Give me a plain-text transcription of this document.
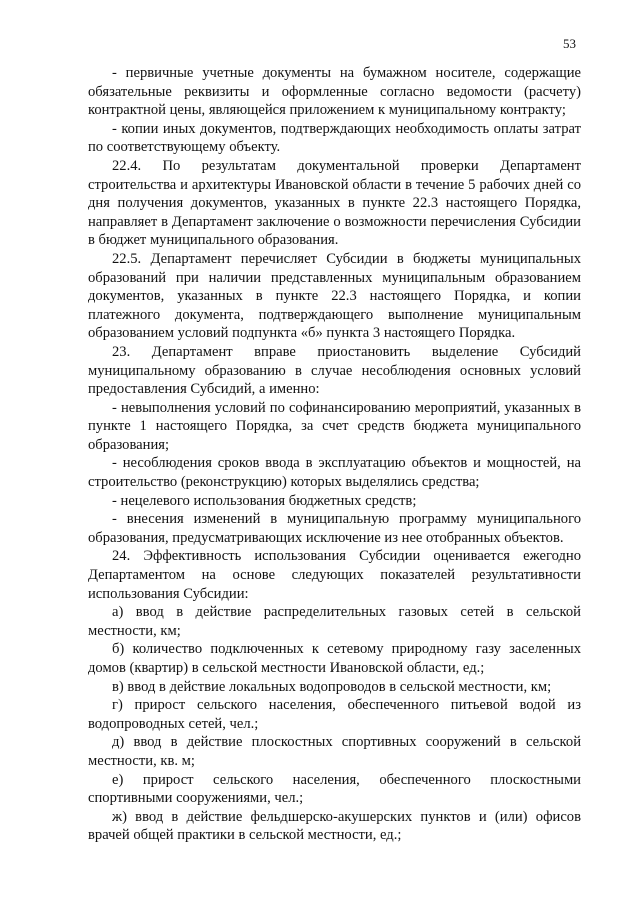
53

- первичные учетные документы на бумажном носителе, содержащие обязательные реквизиты и оформленные согласно ведомости (расчету) контрактной цены, являющейся приложением к муниципальному контракту;

- копии иных документов, подтверждающих необходимость оплаты затрат по соответствующему объекту.

22.4. По результатам документальной проверки Департамент строительства и архитектуры Ивановской области в течение 5 рабочих дней со дня получения документов, указанных в пункте 22.3 настоящего Порядка, направляет в Департамент заключение о возможности перечисления Субсидии в бюджет муниципального образования.

22.5. Департамент перечисляет Субсидии в бюджеты муниципальных образований при наличии представленных муниципальным образованием документов, указанных в пункте 22.3 настоящего Порядка, и копии платежного документа, подтверждающего выполнение муниципальным образованием условий подпункта «б» пункта 3 настоящего Порядка.

23. Департамент вправе приостановить выделение Субсидий муниципальному образованию в случае несоблюдения основных условий предоставления Субсидий, а именно:

- невыполнения условий по софинансированию мероприятий, указанных в пункте 1 настоящего Порядка, за счет средств бюджета муниципального образования;

- несоблюдения сроков ввода в эксплуатацию объектов и мощностей, на строительство (реконструкцию) которых выделялись средства;

- нецелевого использования бюджетных средств;

- внесения изменений в муниципальную программу муниципального образования, предусматривающих исключение из нее отобранных объектов.

24. Эффективность использования Субсидии оценивается ежегодно Департаментом на основе следующих показателей результативности использования Субсидии:

а) ввод в действие распределительных газовых сетей в сельской местности, км;

б) количество подключенных к сетевому природному газу заселенных домов (квартир) в сельской местности Ивановской области, ед.;

в) ввод в действие локальных водопроводов в сельской местности, км;

г) прирост сельского населения, обеспеченного питьевой водой из водопроводных сетей, чел.;

д) ввод в действие плоскостных спортивных сооружений в сельской местности, кв. м;

е) прирост сельского населения, обеспеченного плоскостными спортивными сооружениями, чел.;

ж) ввод в действие фельдшерско-акушерских пунктов и (или) офисов врачей общей практики в сельской местности, ед.;
